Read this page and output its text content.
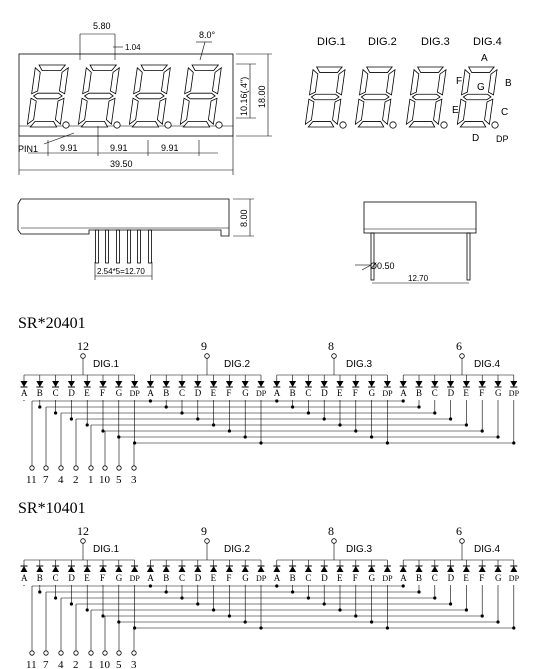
5.80
1.04
8.0°
10.16(.4") 18.00
9.91	9.91	9.91
39.50
PIN1
DIG.1 DIG.2 DIG.3 DIG.4
A
B
C
D
E
F
G
DP
8.00
2.54*5=12.70
Ø0.50
12.70
SR*20401
12
DIG.1
9
DIG.2
8
DIG.3
6
DIG.4
A B C D E F G DP A B C D E F G DP A B C D E F G DP A B C D E F G DP
11 7 4 2 1 10 5 3
SR*10401
12
DIG.1
9
DIG.2
8
DIG.3
6
DIG.4
A B C D E F G DP A B C D E F G DP A B C D E F G DP A B C D E F G DP
11 7 4 2 1 10 5 3
